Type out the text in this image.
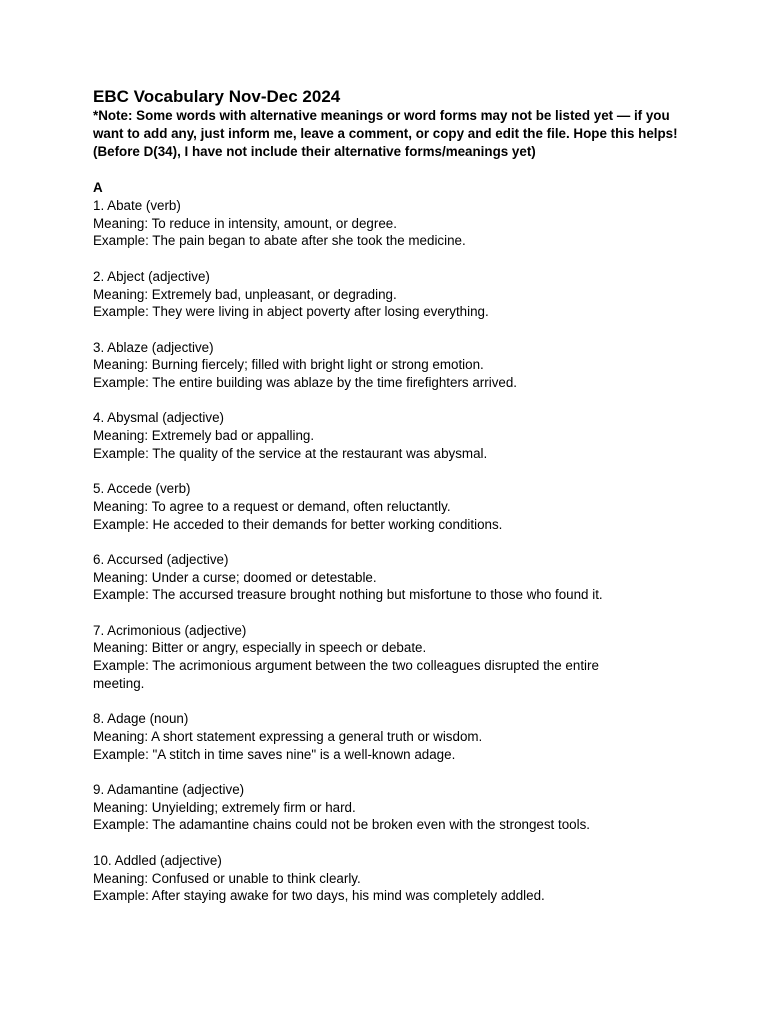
EBC Vocabulary Nov-Dec 2024

*Note: Some words with alternative meanings or word forms may not be listed yet — if you want to add any, just inform me, leave a comment, or copy and edit the file. Hope this helps! (Before D(34), I have not include their alternative forms/meanings yet)

A
1. Abate (verb)
Meaning: To reduce in intensity, amount, or degree.
Example: The pain began to abate after she took the medicine.
2. Abject (adjective)
Meaning: Extremely bad, unpleasant, or degrading.
Example: They were living in abject poverty after losing everything.
3. Ablaze (adjective)
Meaning: Burning fiercely; filled with bright light or strong emotion.
Example: The entire building was ablaze by the time firefighters arrived.
4. Abysmal (adjective)
Meaning: Extremely bad or appalling.
Example: The quality of the service at the restaurant was abysmal.
5. Accede (verb)
Meaning: To agree to a request or demand, often reluctantly.
Example: He acceded to their demands for better working conditions.
6. Accursed (adjective)
Meaning: Under a curse; doomed or detestable.
Example: The accursed treasure brought nothing but misfortune to those who found it.
7. Acrimonious (adjective)
Meaning: Bitter or angry, especially in speech or debate.
Example: The acrimonious argument between the two colleagues disrupted the entire meeting.
8. Adage (noun)
Meaning: A short statement expressing a general truth or wisdom.
Example: "A stitch in time saves nine" is a well-known adage.
9. Adamantine (adjective)
Meaning: Unyielding; extremely firm or hard.
Example: The adamantine chains could not be broken even with the strongest tools.
10. Addled (adjective)
Meaning: Confused or unable to think clearly.
Example: After staying awake for two days, his mind was completely addled.
